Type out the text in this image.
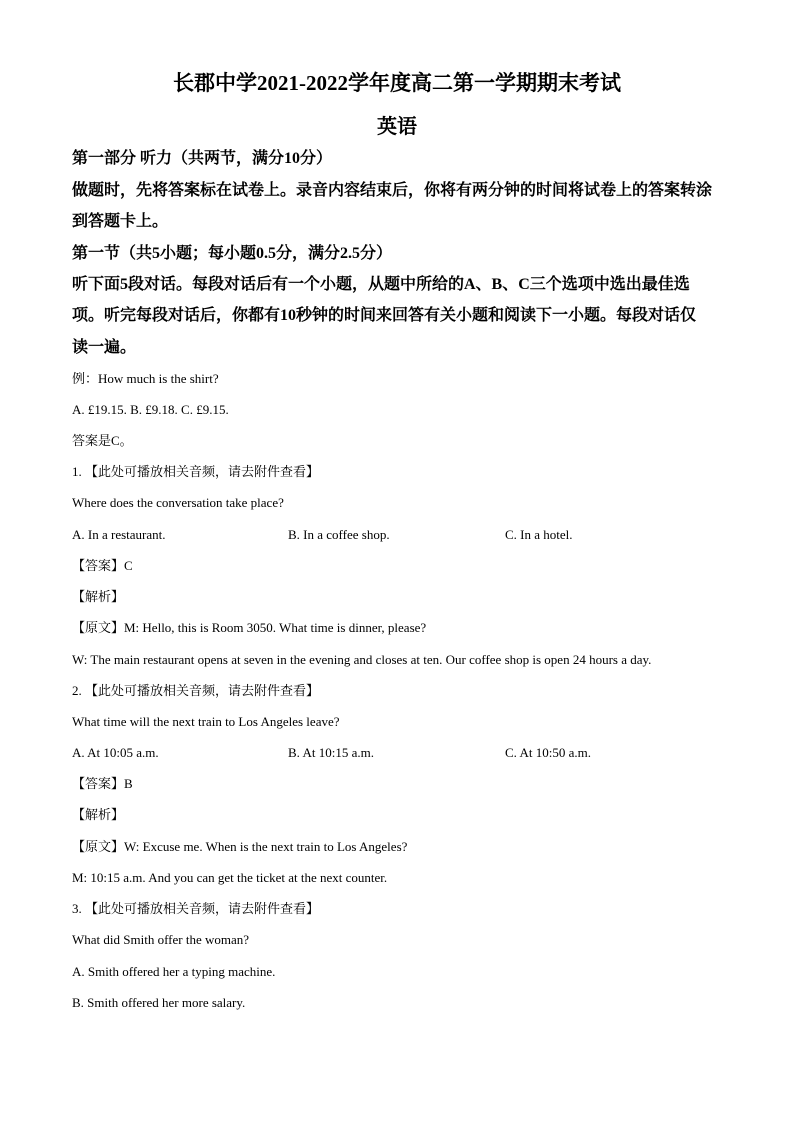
长郡中学2021-2022学年度高二第一学期期末考试
英语
第一部分 听力（共两节，满分10分）
做题时，先将答案标在试卷上。录音内容结束后，你将有两分钟的时间将试卷上的答案转涂
到答题卡上。
第一节（共5小题；每小题0.5分，满分2.5分）
听下面5段对话。每段对话后有一个小题，从题中所给的A、B、C三个选项中选出最佳选
项。听完每段对话后，你都有10秒钟的时间来回答有关小题和阅读下一小题。每段对话仅
读一遍。
例：How much is the shirt?
A. £19.15. B. £9.18. C. £9.15.
答案是C。
1. 【此处可播放相关音频，请去附件查看】
Where does the conversation take place?
A. In a restaurant.	B. In a coffee shop.	C. In a hotel.
【答案】C
【解析】
【原文】M: Hello, this is Room 3050. What time is dinner, please?
W: The main restaurant opens at seven in the evening and closes at ten. Our coffee shop is open 24 hours a day.
2. 【此处可播放相关音频，请去附件查看】
What time will the next train to Los Angeles leave?
A. At 10:05 a.m.	B. At 10:15 a.m.	C. At 10:50 a.m.
【答案】B
【解析】
【原文】W: Excuse me. When is the next train to Los Angeles?
M: 10:15 a.m. And you can get the ticket at the next counter.
3. 【此处可播放相关音频，请去附件查看】
What did Smith offer the woman?
A. Smith offered her a typing machine.
B. Smith offered her more salary.
